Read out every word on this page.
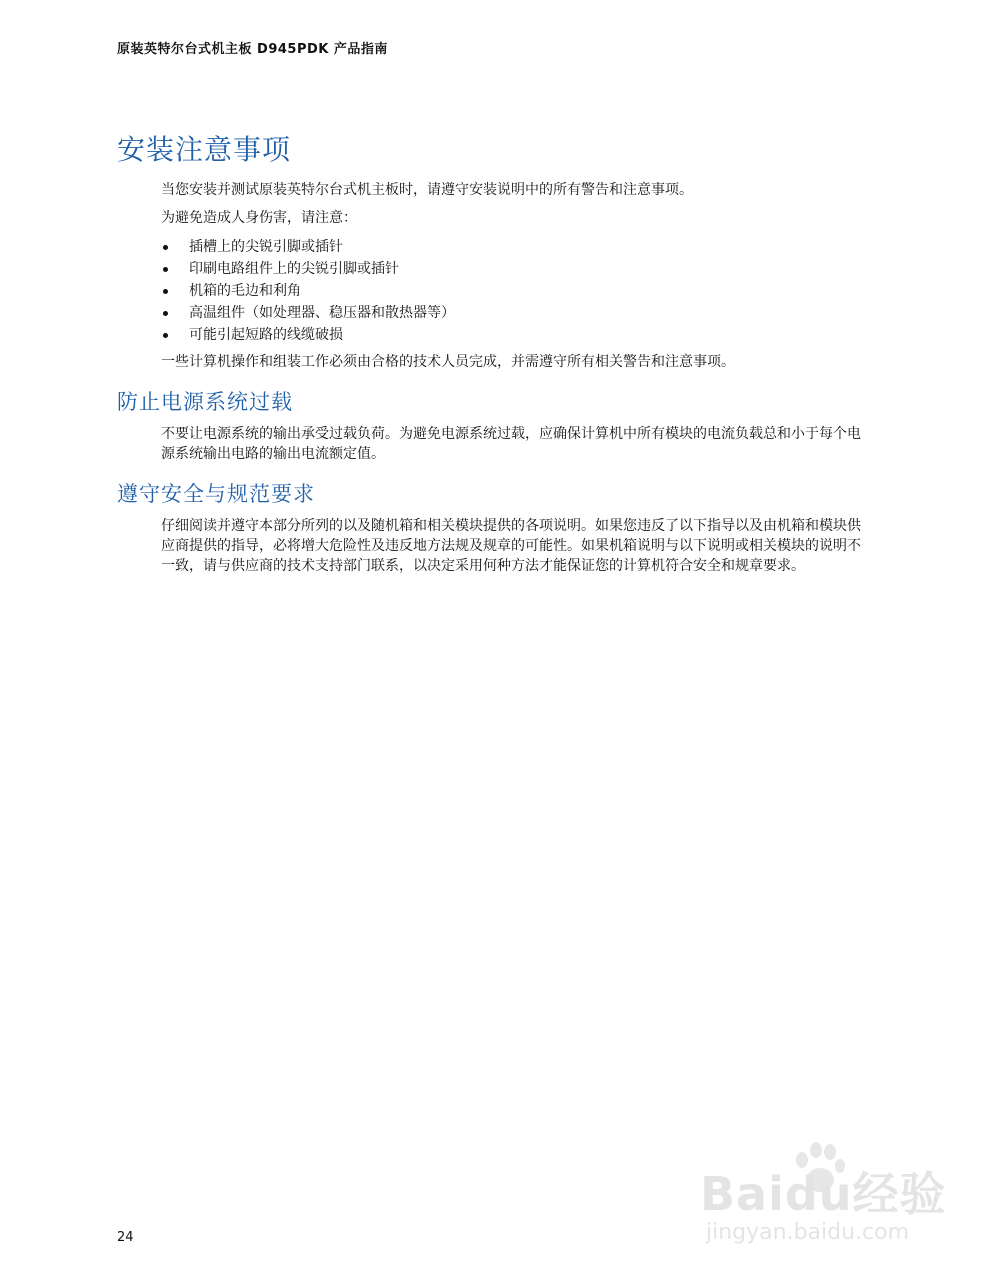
原装英特尔台式机主板 D945PDK 产品指南
安装注意事项

当您安装并测试原装英特尔台式机主板时，请遵守安装说明中的所有警告和注意事项。

为避免造成人身伤害，请注意：

插槽上的尖锐引脚或插针
印刷电路组件上的尖锐引脚或插针
机箱的毛边和利角
高温组件（如处理器、稳压器和散热器等）
可能引起短路的线缆破损

一些计算机操作和组装工作必须由合格的技术人员完成，并需遵守所有相关警告和注意事项。

防止电源系统过载

不要让电源系统的输出承受过载负荷。为避免电源系统过载，应确保计算机中所有模块的电流负载总和小于每个电源系统输出电路的输出电流额定值。

遵守安全与规范要求

仔细阅读并遵守本部分所列的以及随机箱和相关模块提供的各项说明。如果您违反了以下指导以及由机箱和模块供应商提供的指导，必将增大危险性及违反地方法规及规章的可能性。如果机箱说明与以下说明或相关模块的说明不一致，请与供应商的技术支持部门联系，以决定采用何种方法才能保证您的计算机符合安全和规章要求。

24
Baidu经验
jingyan.baidu.com
